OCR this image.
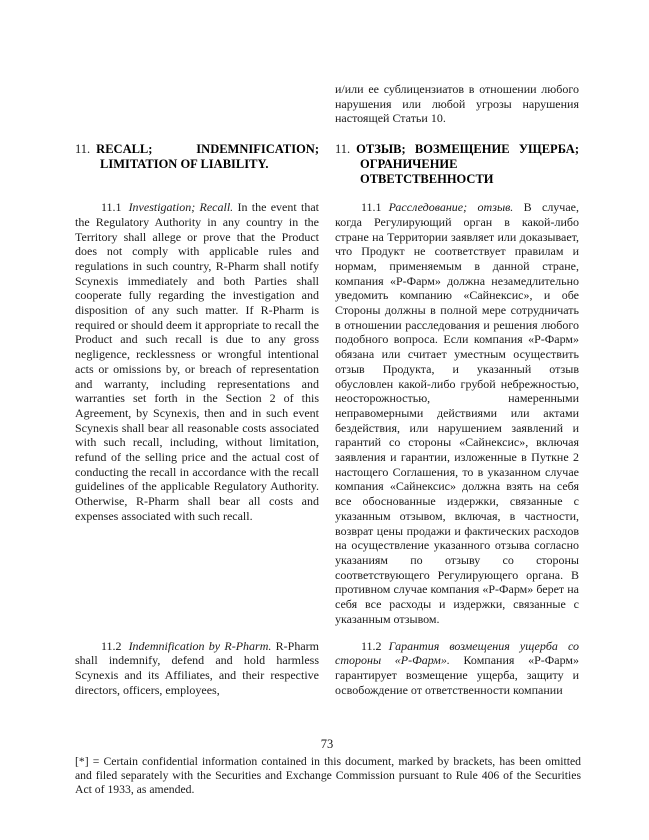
и/или ее сублицензиатов в отношении любого нарушения или любой угрозы нарушения настоящей Статьи 10.
11. RECALL; INDEMNIFICATION; LIMITATION OF LIABILITY.
11. ОТЗЫВ; ВОЗМЕЩЕНИЕ УЩЕРБА; ОГРАНИЧЕНИЕ ОТВЕТСТВЕННОСТИ
11.1 Investigation; Recall. In the event that the Regulatory Authority in any country in the Territory shall allege or prove that the Product does not comply with applicable rules and regulations in such country, R-Pharm shall notify Scynexis immediately and both Parties shall cooperate fully regarding the investigation and disposition of any such matter. If R-Pharm is required or should deem it appropriate to recall the Product and such recall is due to any gross negligence, recklessness or wrongful intentional acts or omissions by, or breach of representation and warranty, including representations and warranties set forth in the Section 2 of this Agreement, by Scynexis, then and in such event Scynexis shall bear all reasonable costs associated with such recall, including, without limitation, refund of the selling price and the actual cost of conducting the recall in accordance with the recall guidelines of the applicable Regulatory Authority. Otherwise, R-Pharm shall bear all costs and expenses associated with such recall.
11.1 Расследование; отзыв. В случае, когда Регулирующий орган в какой-либо стране на Территории заявляет или доказывает, что Продукт не соответствует правилам и нормам, применяемым в данной стране, компания «Р-Фарм» должна незамедлительно уведомить компанию «Сайнексис», и обе Стороны должны в полной мере сотрудничать в отношении расследования и решения любого подобного вопроса. Если компания «Р-Фарм» обязана или считает уместным осуществить отзыв Продукта, и указанный отзыв обусловлен какой-либо грубой небрежностью, неосторожностью, намеренными неправомерными действиями или актами бездействия, или нарушением заявлений и гарантий со стороны «Сайнексис», включая заявления и гарантии, изложенные в Путкне 2 настощего Соглашения, то в указанном случае компания «Сайнексис» должна взять на себя все обоснованные издержки, связанные с указанным отзывом, включая, в частности, возврат цены продажи и фактических расходов на осуществление указанного отзыва согласно указаниям по отзыву со стороны соответствующего Регулирующего органа. В противном случае компания «Р-Фарм» берет на себя все расходы и издержки, связанные с указанным отзывом.
11.2 Indemnification by R-Pharm. R-Pharm shall indemnify, defend and hold harmless Scynexis and its Affiliates, and their respective directors, officers, employees,
11.2 Гарантия возмещения ущерба со стороны «Р-Фарм». Компания «Р-Фарм» гарантирует возмещение ущерба, защиту и освобождение от ответственности компании
73
[*] = Certain confidential information contained in this document, marked by brackets, has been omitted and filed separately with the Securities and Exchange Commission pursuant to Rule 406 of the Securities Act of 1933, as amended.
